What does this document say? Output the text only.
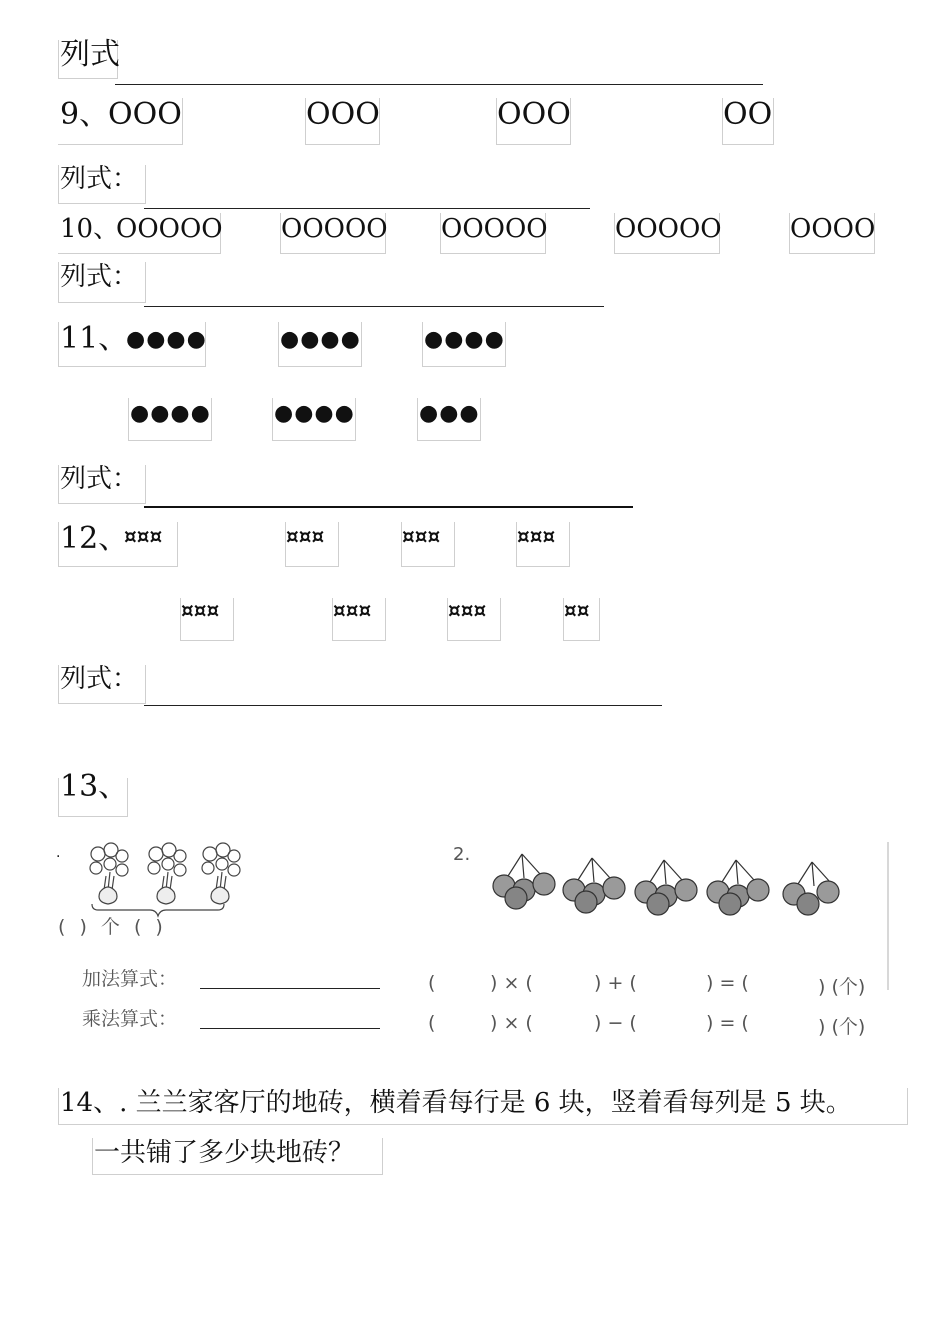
列式
9、
OOO	OOO	OOO	OO
列式：
10、
OOOOO OOOOO OOOOO	OOOOO	OOOO
列式：
11、
●●●●	●●●●	●●●●
●●●●	●●●●	●●●
列式：
12、
¤¤¤	¤¤¤	¤¤¤	¤¤¤
¤¤¤	¤¤¤	¤¤¤	¤¤
列式：
13、
.
( ) 个 ( )
加法算式：
乘法算式：
2.
(	) × (	) + (	) = (	) (个)
(	) × (	) − (	) = (	) (个)
14、. 兰兰家客厅的地砖，横着看每行是 6 块，竖着看每列是 5 块。
一共铺了多少块地砖？
